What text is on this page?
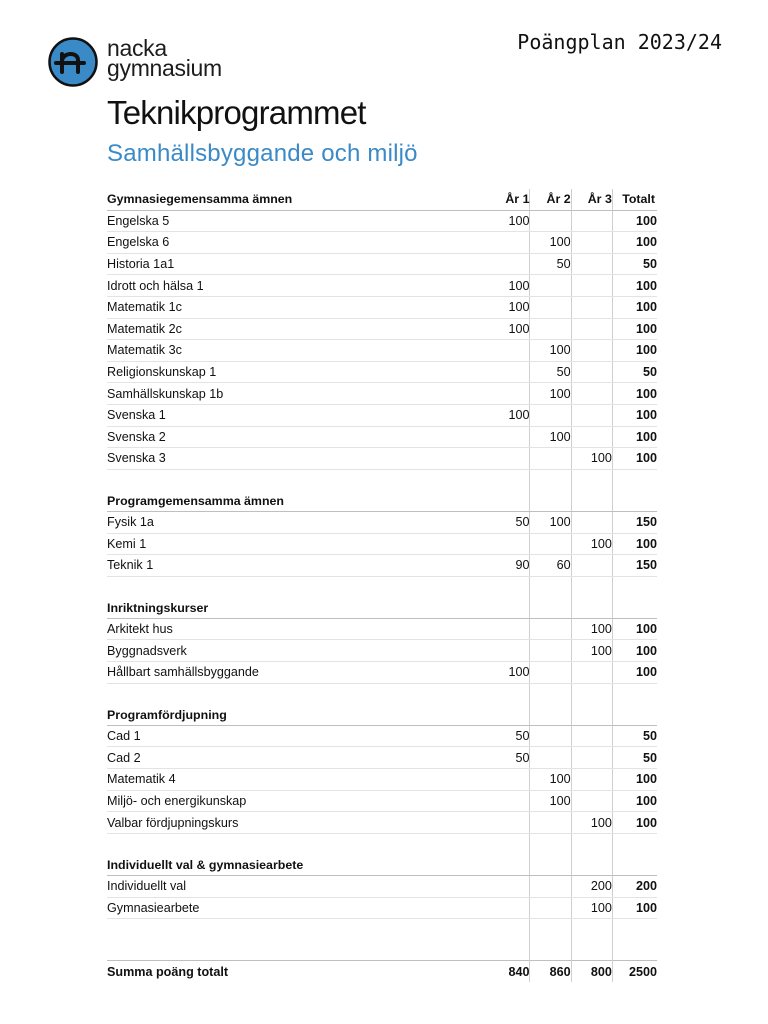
nacka
gymnasium
Poängplan 2023/24
Teknikprogrammet
Samhällsbyggande och miljö
Gymnasiegemensamma ämnen	År 1	År 2	År 3	Totalt
Engelska 5	100			100
Engelska 6		100		100
Historia 1a1		50		50
Idrott och hälsa 1	100			100
Matematik 1c	100			100
Matematik 2c	100			100
Matematik 3c		100		100
Religionskunskap 1		50		50
Samhällskunskap 1b		100		100
Svenska 1	100			100
Svenska 2		100		100
Svenska 3			100	100

Programgemensamma ämnen				
Fysik 1a	50	100		150
Kemi 1			100	100
Teknik 1	90	60		150

Inriktningskurser				
Arkitekt hus			100	100
Byggnadsverk			100	100
Hållbart samhällsbyggande	100			100

Programfördjupning				
Cad 1	50			50
Cad 2	50			50
Matematik 4		100		100
Miljö- och energikunskap		100		100
Valbar fördjupningskurs			100	100

Individuellt val & gymnasiearbete				
Individuellt val			200	200
Gymnasiearbete			100	100

Summa poäng totalt	840	860	800	2500
